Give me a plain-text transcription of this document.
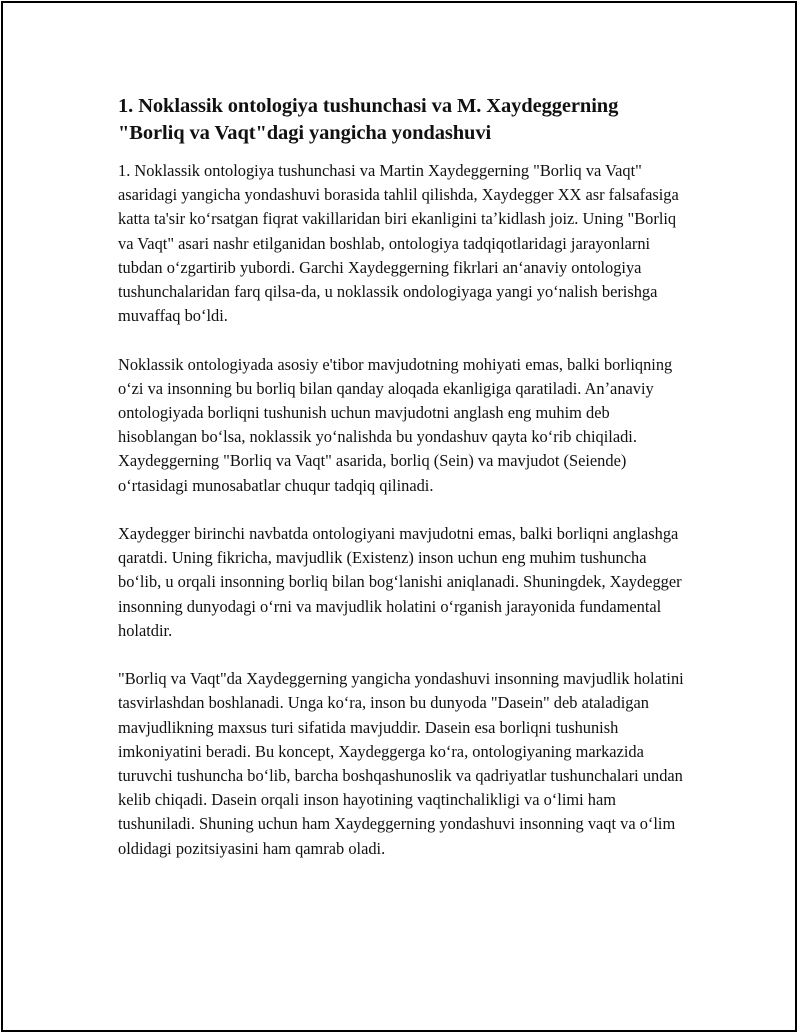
1. Noklassik ontologiya tushunchasi va M. Xaydeggerning "Borliq va Vaqt"dagi yangicha yondashuvi

1. Noklassik ontologiya tushunchasi va Martin Xaydeggerning "Borliq va Vaqt" asaridagi yangicha yondashuvi borasida tahlil qilishda, Xaydegger XX asr falsafasiga katta ta'sir koʻrsatgan fiqrat vakillaridan biri ekanligini taʼkidlash joiz. Uning "Borliq va Vaqt" asari nashr etilganidan boshlab, ontologiya tadqiqotlaridagi jarayonlarni tubdan oʻzgartirib yubordi. Garchi Xaydeggerning fikrlari anʻanaviy ontologiya tushunchalaridan farq qilsa-da, u noklassik ondologiyaga yangi yoʻnalish berishga muvaffaq boʻldi.

Noklassik ontologiyada asosiy e'tibor mavjudotning mohiyati emas, balki borliqning oʻzi va insonning bu borliq bilan qanday aloqada ekanligiga qaratiladi. Anʼanaviy ontologiyada borliqni tushunish uchun mavjudotni anglash eng muhim deb hisoblangan boʻlsa, noklassik yoʻnalishda bu yondashuv qayta koʻrib chiqiladi. Xaydeggerning "Borliq va Vaqt" asarida, borliq (Sein) va mavjudot (Seiende) oʻrtasidagi munosabatlar chuqur tadqiq qilinadi.

Xaydegger birinchi navbatda ontologiyani mavjudotni emas, balki borliqni anglashga qaratdi. Uning fikricha, mavjudlik (Existenz) inson uchun eng muhim tushuncha boʻlib, u orqali insonning borliq bilan bogʻlanishi aniqlanadi. Shuningdek, Xaydegger insonning dunyodagi oʻrni va mavjudlik holatini oʻrganish jarayonida fundamental holatdir.

"Borliq va Vaqt"da Xaydeggerning yangicha yondashuvi insonning mavjudlik holatini tasvirlashdan boshlanadi. Unga koʻra, inson bu dunyoda "Dasein" deb ataladigan mavjudlikning maxsus turi sifatida mavjuddir. Dasein esa borliqni tushunish imkoniyatini beradi. Bu koncept, Xaydeggerga koʻra, ontologiyaning markazida turuvchi tushuncha boʻlib, barcha boshqashunoslik va qadriyatlar tushunchalari undan kelib chiqadi. Dasein orqali inson hayotining vaqtinchalikligi va oʻlimi ham tushuniladi. Shuning uchun ham Xaydeggerning yondashuvi insonning vaqt va oʻlim oldidagi pozitsiyasini ham qamrab oladi.
